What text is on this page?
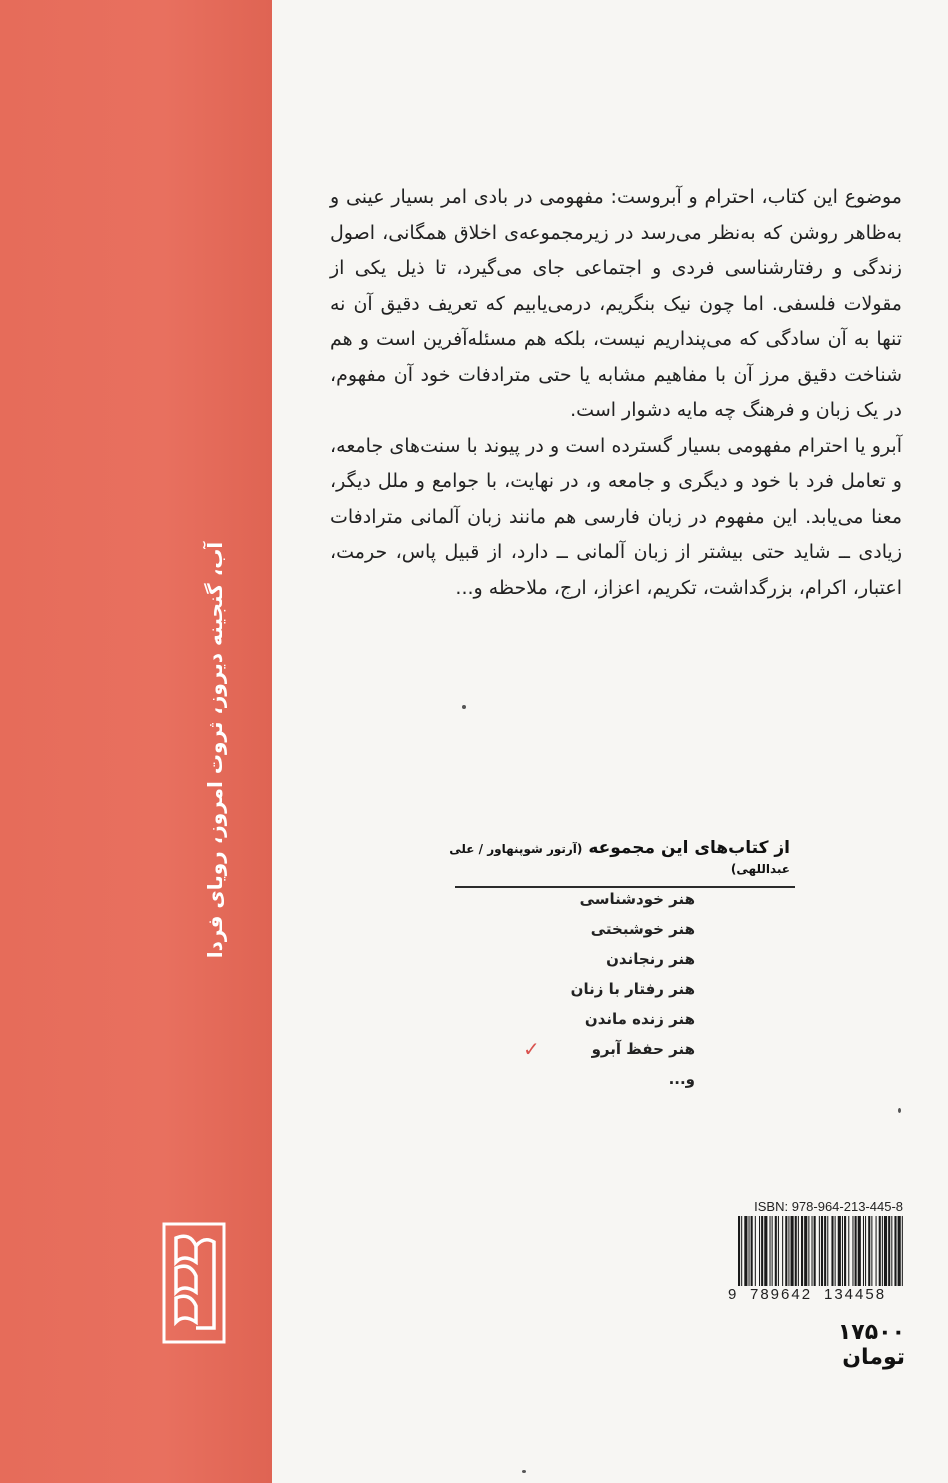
آب، گنجینه دیروز، ثروت امروز، رویای فردا

موضوع این کتاب، احترام و آبروست: مفهومی در بادی امر بسیار عینی و به‌ظاهر روشن که به‌نظر می‌رسد در زیرمجموعه‌ی اخلاق همگانی، اصول زندگی و رفتارشناسی فردی و اجتماعی جای می‌گیرد، تا ذیل یکی از مقولات فلسفی. اما چون نیک بنگریم، درمی‌یابیم که تعریف دقیق آن نه تنها به آن سادگی که می‌پنداریم نیست، بلکه هم مسئله‌آفرین است و هم شناخت دقیق مرز آن با مفاهیم مشابه یا حتی مترادفات خود آن مفهوم، در یک زبان و فرهنگ چه مایه دشوار است.

آبرو یا احترام مفهومی بسیار گسترده است و در پیوند با سنت‌های جامعه، و تعامل فرد با خود و دیگری و جامعه و، در نهایت، با جوامع و ملل دیگر، معنا می‌یابد. این مفهوم در زبان فارسی هم مانند زبان آلمانی مترادفات زیادی ــ شاید حتی بیشتر از زبان آلمانی ــ دارد، از قبیل پاس، حرمت، اعتبار، اکرام، بزرگداشت، تکریم، اعزاز، ارج، ملاحظه و...

از کتاب‌های این مجموعه (آرتور شوپنهاور / علی عبداللهی)
هنر خودشناسی
هنر خوشبختی
هنر رنجاندن
هنر رفتار با زنان
هنر زنده ماندن
هنر حفظ آبرو
✓
و...
ISBN: 978-964-213-445-8
9 789642 134458
۱۷۵۰۰ تومان
